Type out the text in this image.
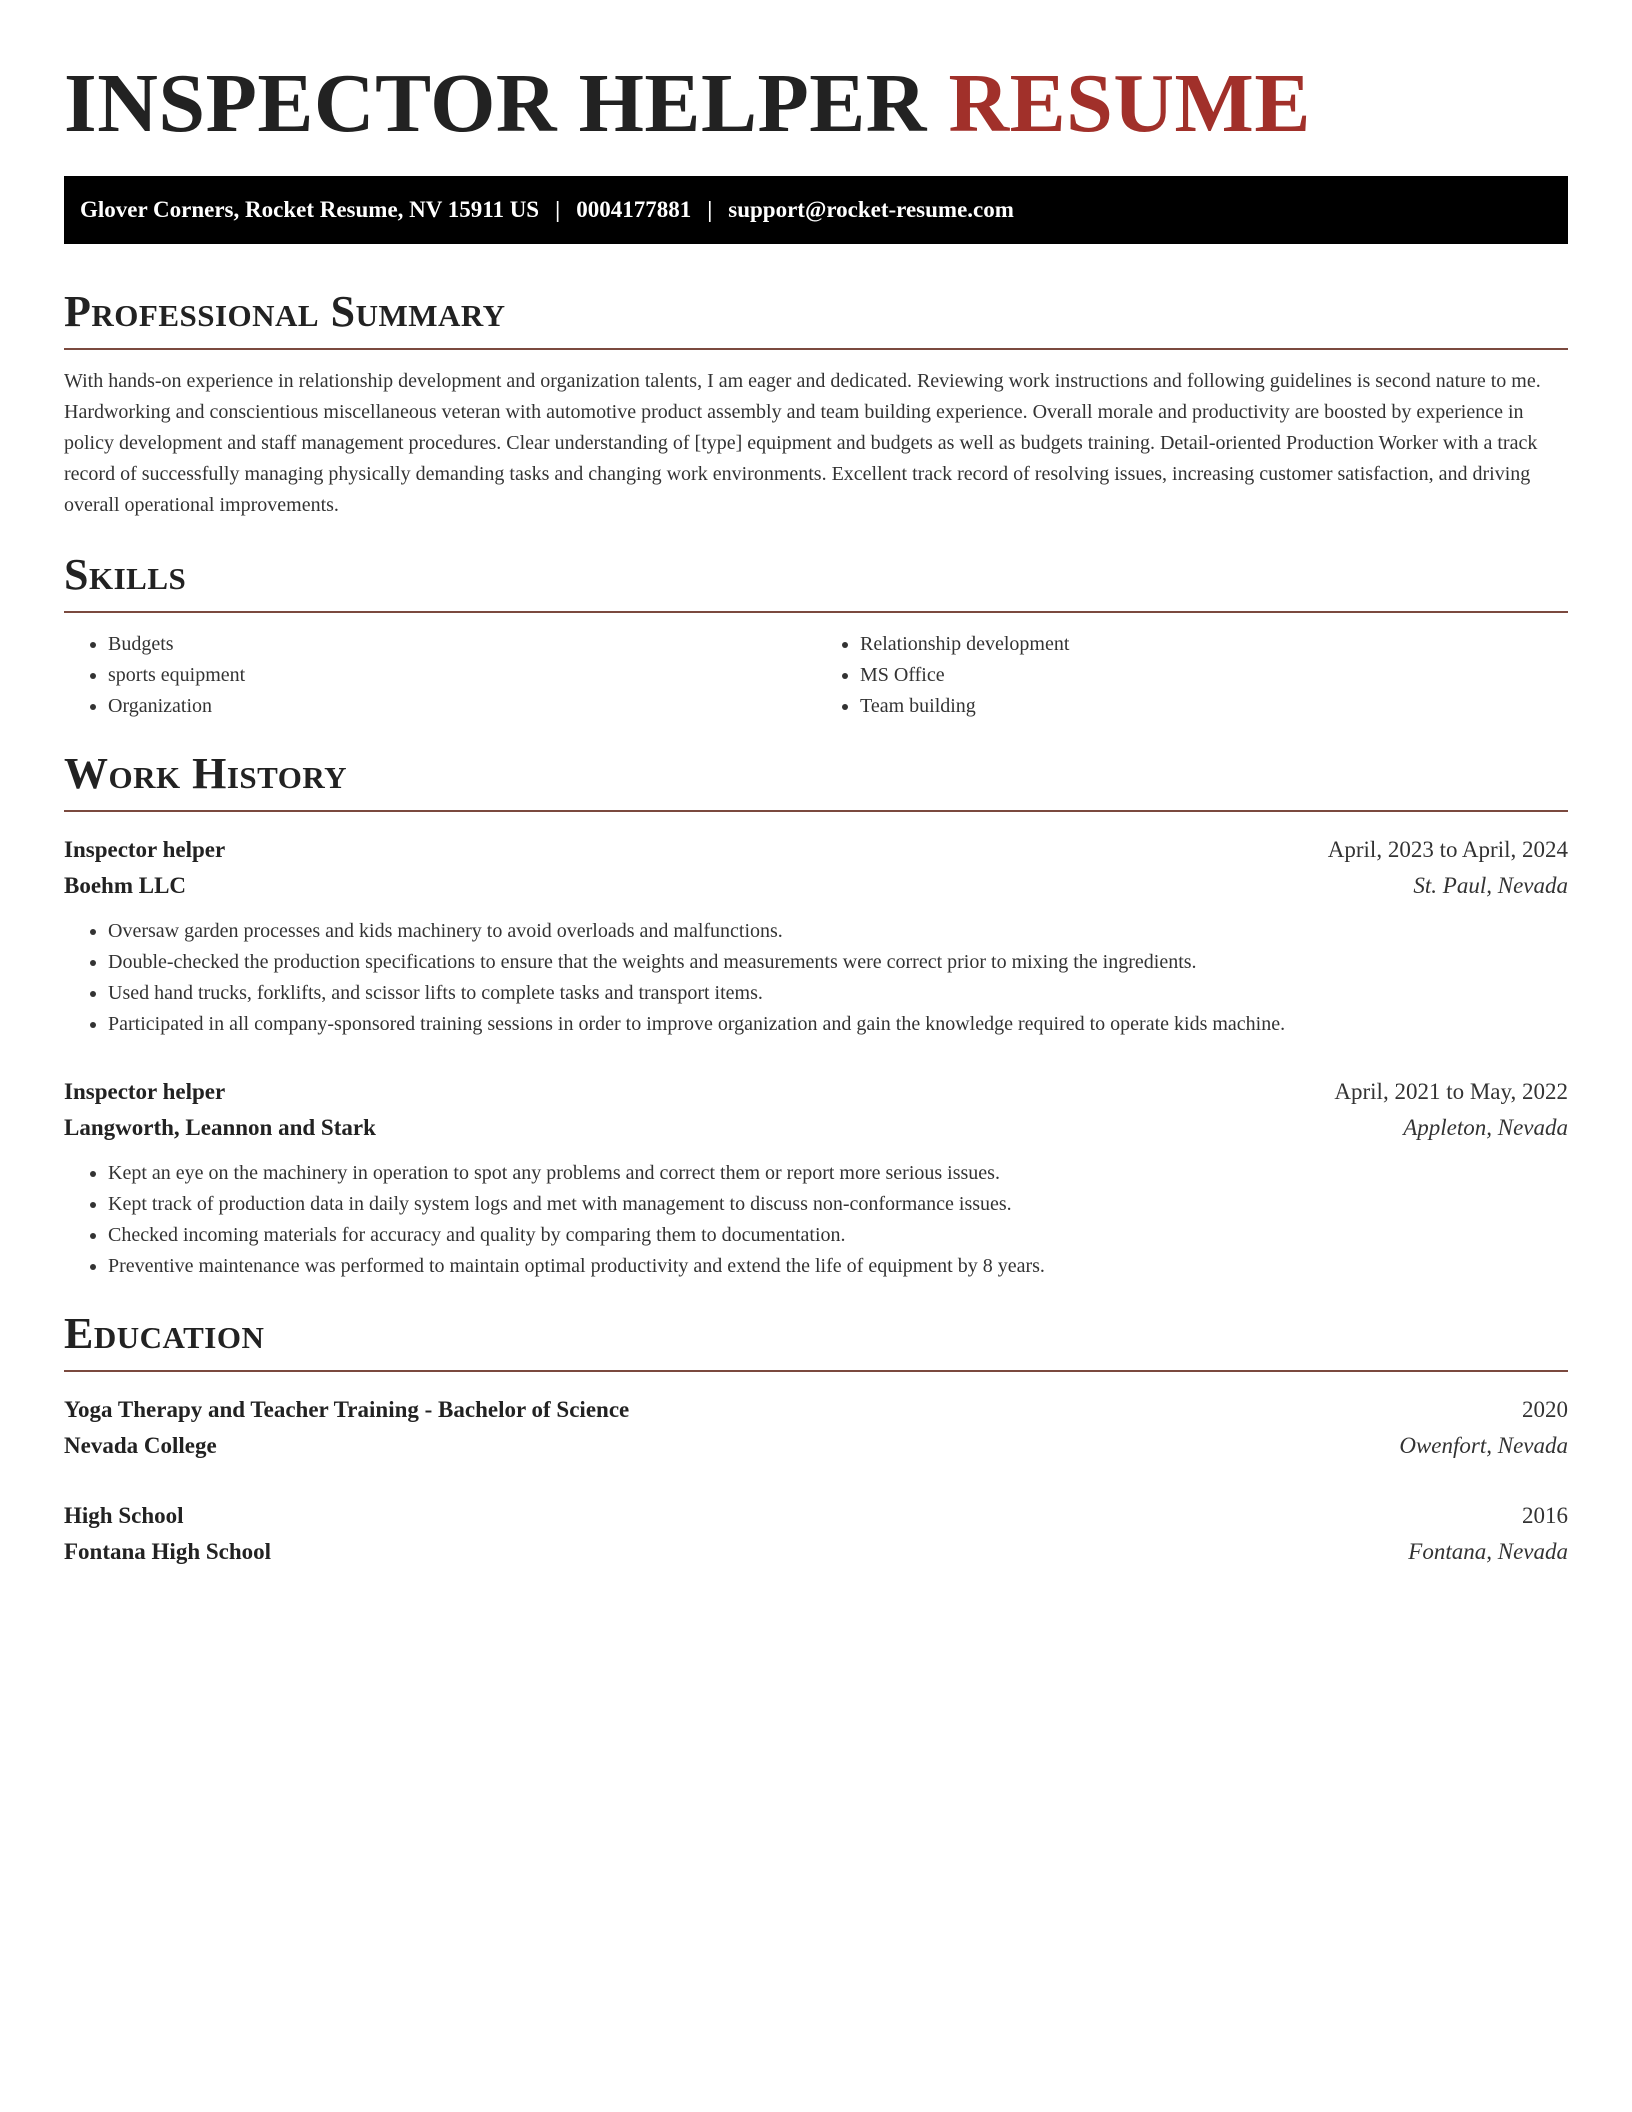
INSPECTOR HELPER RESUME
Glover Corners, Rocket Resume, NV 15911 US | 0004177881 | support@rocket-resume.com
Professional Summary

With hands-on experience in relationship development and organization talents, I am eager and dedicated. Reviewing work instructions and following guidelines is second nature to me. Hardworking and conscientious miscellaneous veteran with automotive product assembly and team building experience. Overall morale and productivity are boosted by experience in policy development and staff management procedures. Clear understanding of [type] equipment and budgets as well as budgets training. Detail-oriented Production Worker with a track record of successfully managing physically demanding tasks and changing work environments. Excellent track record of resolving issues, increasing customer satisfaction, and driving overall operational improvements.

Skills
• Budgets
• sports equipment
• Organization
• Relationship development
• MS Office
• Team building
Work History
Inspector helper	April, 2023 to April, 2024
Boehm LLC	St. Paul, Nevada
• Oversaw garden processes and kids machinery to avoid overloads and malfunctions.
• Double-checked the production specifications to ensure that the weights and measurements were correct prior to mixing the ingredients.
• Used hand trucks, forklifts, and scissor lifts to complete tasks and transport items.
• Participated in all company-sponsored training sessions in order to improve organization and gain the knowledge required to operate kids machine.
Inspector helper	April, 2021 to May, 2022
Langworth, Leannon and Stark	Appleton, Nevada
• Kept an eye on the machinery in operation to spot any problems and correct them or report more serious issues.
• Kept track of production data in daily system logs and met with management to discuss non-conformance issues.
• Checked incoming materials for accuracy and quality by comparing them to documentation.
• Preventive maintenance was performed to maintain optimal productivity and extend the life of equipment by 8 years.
Education
Yoga Therapy and Teacher Training - Bachelor of Science	2020
Nevada College	Owenfort, Nevada
High School	2016
Fontana High School	Fontana, Nevada
